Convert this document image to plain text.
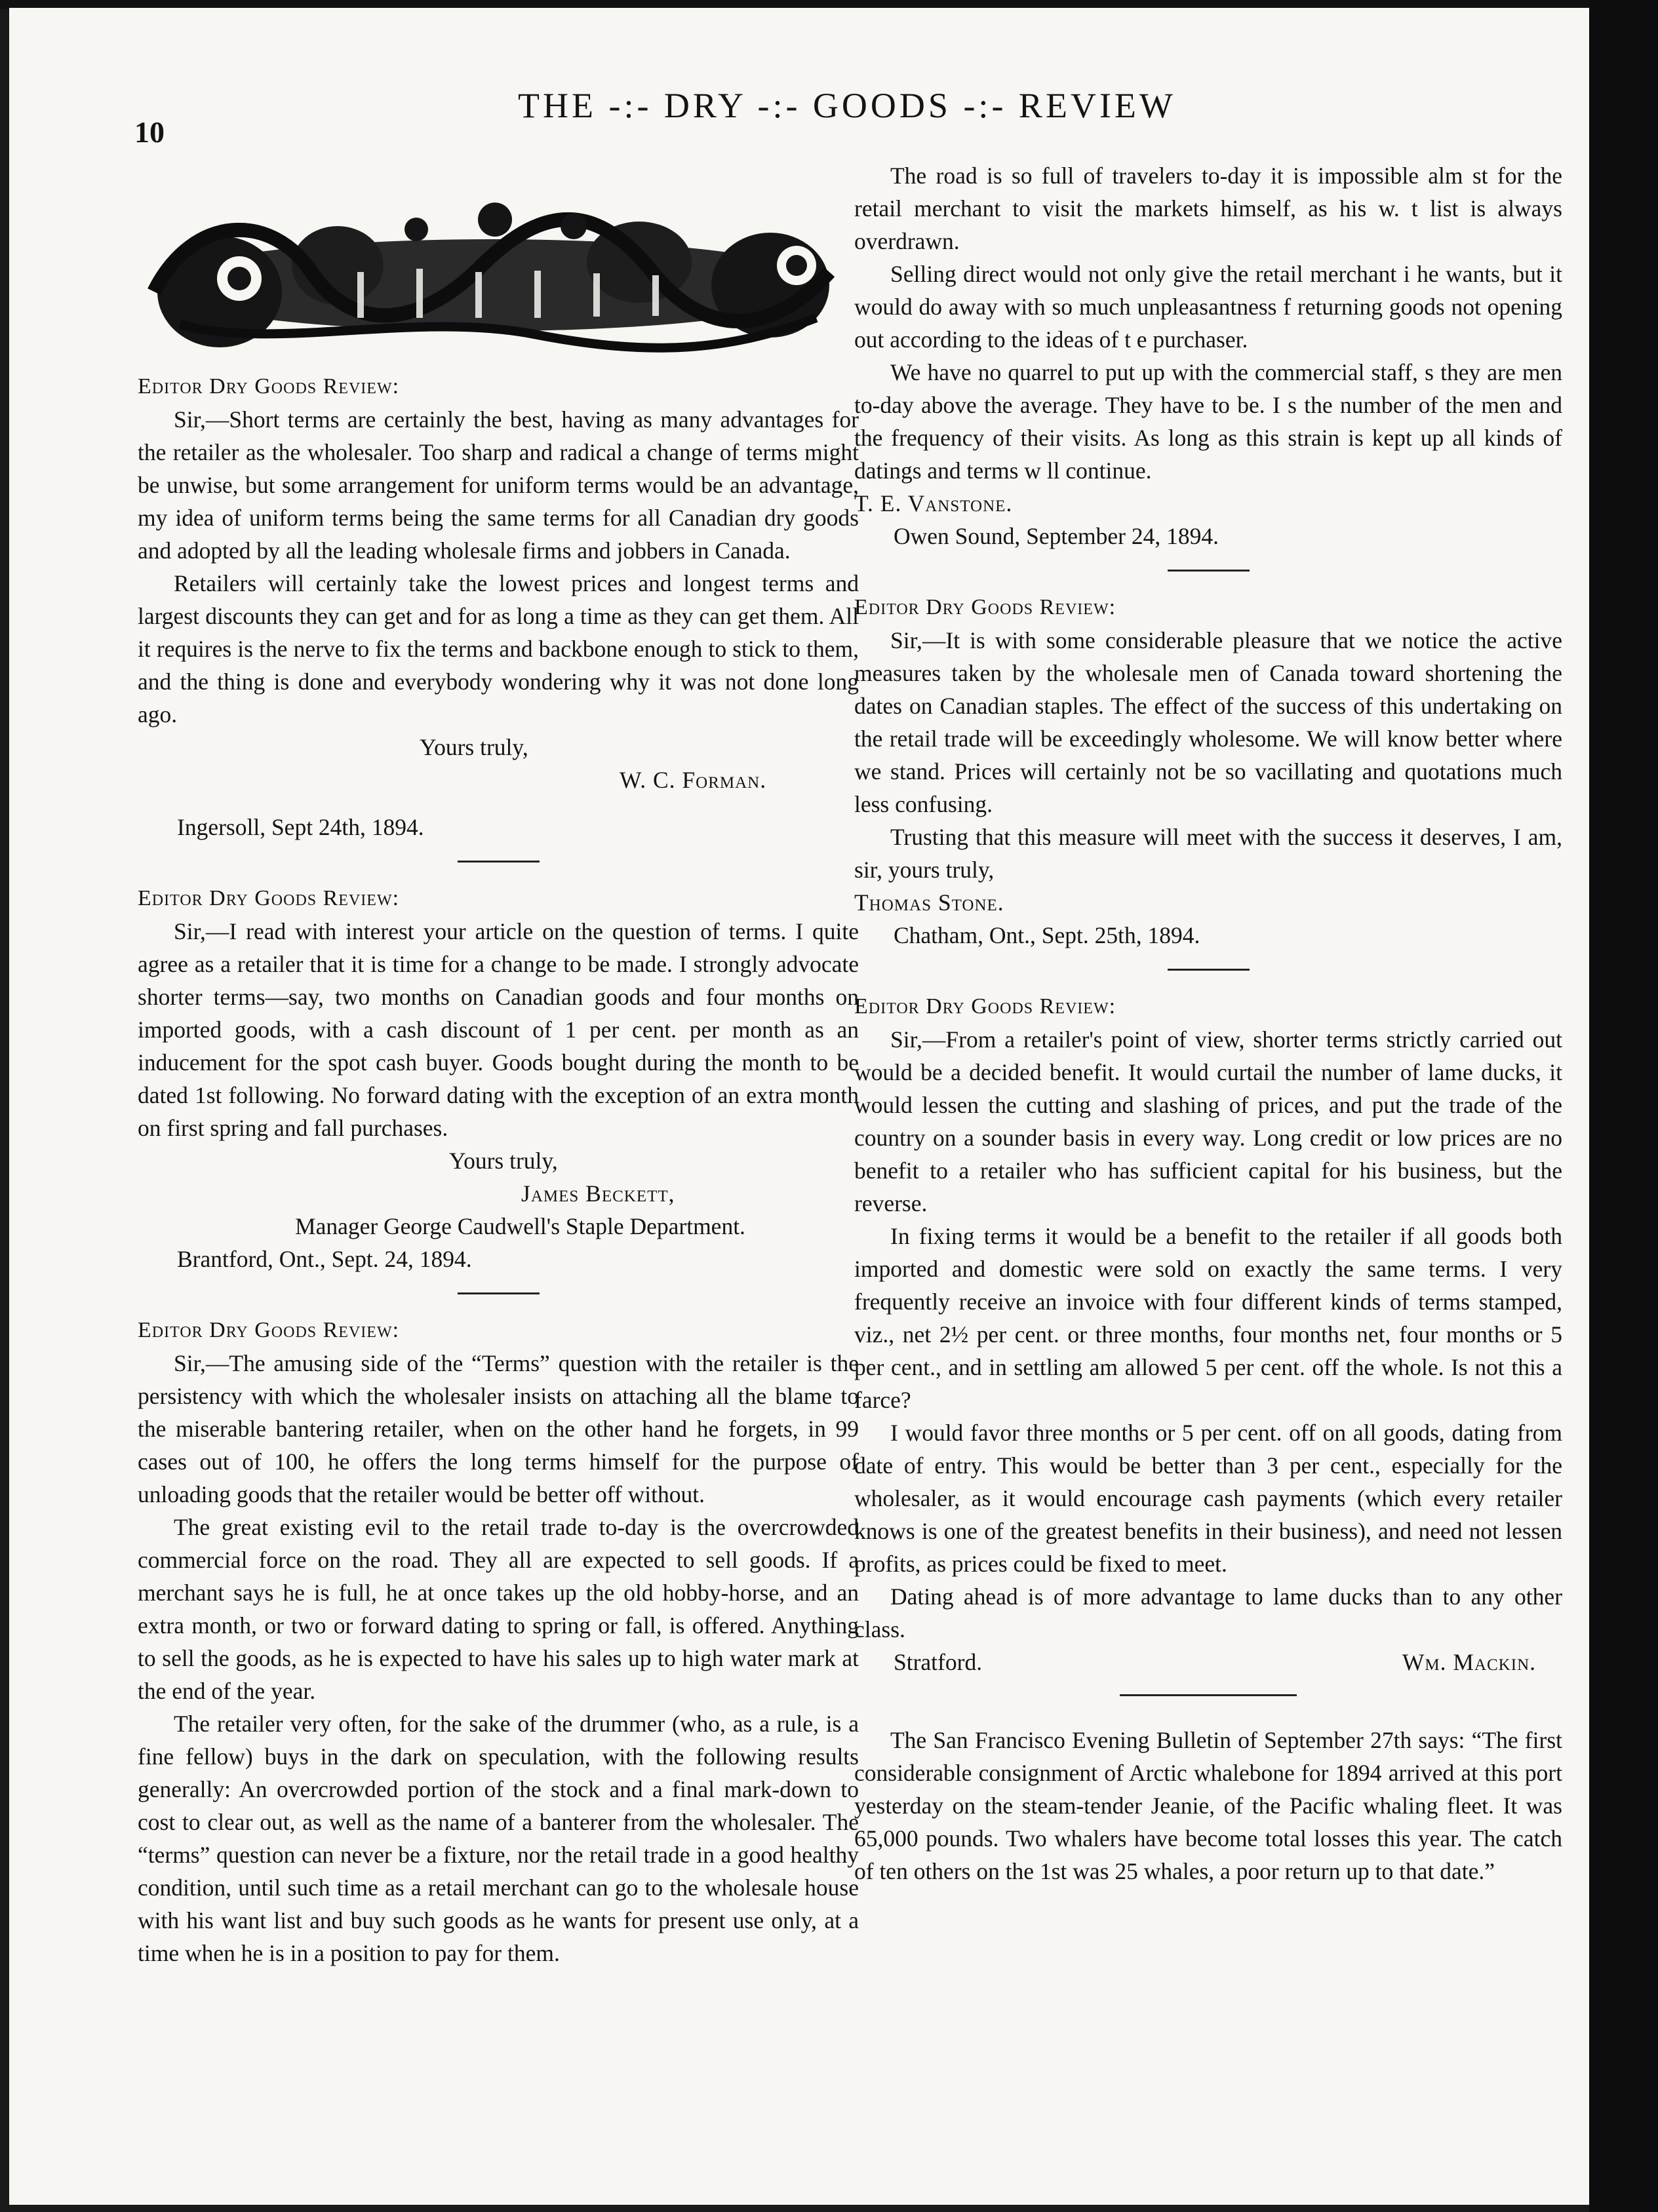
10
THE -:- DRY -:- GOODS -:- REVIEW

Editor Dry Goods Review:

Sir,—Short terms are certainly the best, having as many advantages for the retailer as the wholesaler. Too sharp and radical a change of terms might be unwise, but some arrangement for uniform terms would be an advantage, my idea of uniform terms being the same terms for all Canadian dry goods and adopted by all the leading wholesale firms and jobbers in Canada.

Retailers will certainly take the lowest prices and longest terms and largest discounts they can get and for as long a time as they can get them. All it requires is the nerve to fix the terms and backbone enough to stick to them, and the thing is done and everybody wondering why it was not done long ago.

Yours truly,

W. C. Forman.

Ingersoll, Sept 24th, 1894.

Editor Dry Goods Review:

Sir,—I read with interest your article on the question of terms. I quite agree as a retailer that it is time for a change to be made. I strongly advocate shorter terms—say, two months on Canadian goods and four months on imported goods, with a cash discount of 1 per cent. per month as an inducement for the spot cash buyer. Goods bought during the month to be dated 1st following. No forward dating with the exception of an extra month on first spring and fall purchases.

Yours truly,

James Beckett,

Manager George Caudwell's Staple Department.

Brantford, Ont., Sept. 24, 1894.

Editor Dry Goods Review:

Sir,—The amusing side of the “Terms” question with the retailer is the persistency with which the wholesaler insists on attaching all the blame to the miserable bantering retailer, when on the other hand he forgets, in 99 cases out of 100, he offers the long terms himself for the purpose of unloading goods that the retailer would be better off without.

The great existing evil to the retail trade to-day is the overcrowded commercial force on the road. They all are expected to sell goods. If a merchant says he is full, he at once takes up the old hobby-horse, and an extra month, or two or forward dating to spring or fall, is offered. Anything to sell the goods, as he is expected to have his sales up to high water mark at the end of the year.

The retailer very often, for the sake of the drummer (who, as a rule, is a fine fellow) buys in the dark on speculation, with the following results generally: An overcrowded portion of the stock and a final mark-down to cost to clear out, as well as the name of a banterer from the wholesaler. The “terms” question can never be a fixture, nor the retail trade in a good healthy condition, until such time as a retail merchant can go to the wholesale house with his want list and buy such goods as he wants for present use only, at a time when he is in a position to pay for them.

The road is so full of travelers to-day it is impossible alm st for the retail merchant to visit the markets himself, as his w. t list is always overdrawn.

Selling direct would not only give the retail merchant i he wants, but it would do away with so much unpleasantness f returning goods not opening out according to the ideas of t e purchaser.

We have no quarrel to put up with the commercial staff, s they are men to-day above the average. They have to be. I s the number of the men and the frequency of their visits. As long as this strain is kept up all kinds of datings and terms w ll continue.

T. E. Vanstone.

Owen Sound, September 24, 1894.

Editor Dry Goods Review:

Sir,—It is with some considerable pleasure that we notice the active measures taken by the wholesale men of Canada toward shortening the dates on Canadian staples. The effect of the success of this undertaking on the retail trade will be exceedingly wholesome. We will know better where we stand. Prices will certainly not be so vacillating and quotations much less confusing.

Trusting that this measure will meet with the success it deserves, I am, sir, yours truly,

Thomas Stone.

Chatham, Ont., Sept. 25th, 1894.

Editor Dry Goods Review:

Sir,—From a retailer's point of view, shorter terms strictly carried out would be a decided benefit. It would curtail the number of lame ducks, it would lessen the cutting and slashing of prices, and put the trade of the country on a sounder basis in every way. Long credit or low prices are no benefit to a retailer who has sufficient capital for his business, but the reverse.

In fixing terms it would be a benefit to the retailer if all goods both imported and domestic were sold on exactly the same terms. I very frequently receive an invoice with four different kinds of terms stamped, viz., net 2½ per cent. or three months, four months net, four months or 5 per cent., and in settling am allowed 5 per cent. off the whole. Is not this a farce?

I would favor three months or 5 per cent. off on all goods, dating from date of entry. This would be better than 3 per cent., especially for the wholesaler, as it would encourage cash payments (which every retailer knows is one of the greatest benefits in their business), and need not lessen profits, as prices could be fixed to meet.

Dating ahead is of more advantage to lame ducks than to any other class.

Stratford.	Wm. Mackin.

The San Francisco Evening Bulletin of September 27th says: “The first considerable consignment of Arctic whalebone for 1894 arrived at this port yesterday on the steam-tender Jeanie, of the Pacific whaling fleet. It was 65,000 pounds. Two whalers have become total losses this year. The catch of ten others on the 1st was 25 whales, a poor return up to that date.”
